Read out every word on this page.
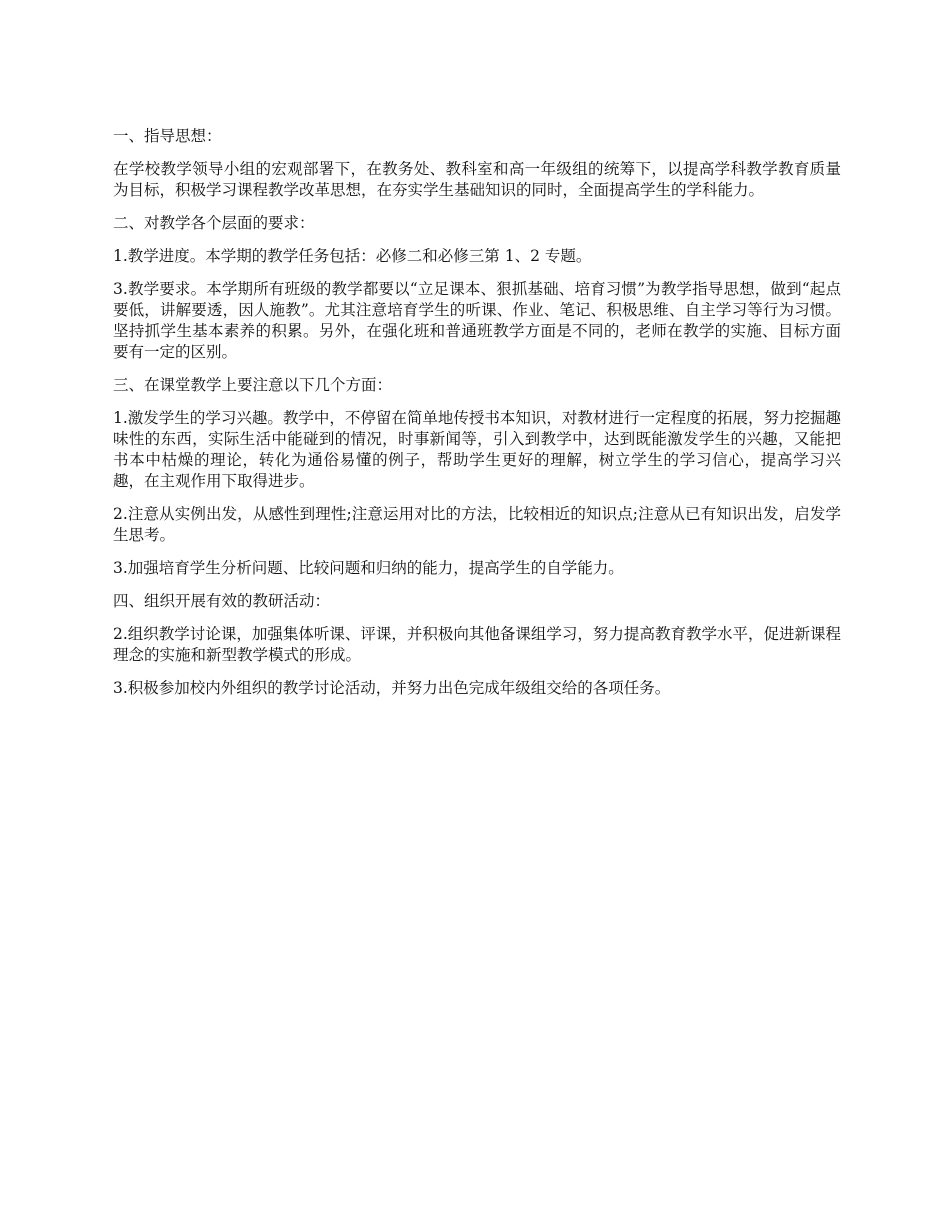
一、指导思想：

在学校教学领导小组的宏观部署下，在教务处、教科室和高一年级组的统筹下，以提高学科教学教育质量为目标，积极学习课程教学改革思想，在夯实学生基础知识的同时，全面提高学生的学科能力。

二、对教学各个层面的要求：

1.教学进度。本学期的教学任务包括：必修二和必修三第 1、2 专题。

3.教学要求。本学期所有班级的教学都要以“立足课本、狠抓基础、培育习惯”为教学指导思想，做到“起点要低，讲解要透，因人施教”。尤其注意培育学生的听课、作业、笔记、积极思维、自主学习等行为习惯。坚持抓学生基本素养的积累。另外，在强化班和普通班教学方面是不同的，老师在教学的实施、目标方面要有一定的区别。

三、在课堂教学上要注意以下几个方面：

1.激发学生的学习兴趣。教学中，不停留在简单地传授书本知识，对教材进行一定程度的拓展，努力挖掘趣味性的东西，实际生活中能碰到的情况，时事新闻等，引入到教学中，达到既能激发学生的兴趣，又能把书本中枯燥的理论，转化为通俗易懂的例子，帮助学生更好的理解，树立学生的学习信心，提高学习兴趣，在主观作用下取得进步。

2.注意从实例出发，从感性到理性;注意运用对比的方法，比较相近的知识点;注意从已有知识出发，启发学生思考。

3.加强培育学生分析问题、比较问题和归纳的能力，提高学生的自学能力。

四、组织开展有效的教研活动：

2.组织教学讨论课，加强集体听课、评课，并积极向其他备课组学习，努力提高教育教学水平，促进新课程理念的实施和新型教学模式的形成。

3.积极参加校内外组织的教学讨论活动，并努力出色完成年级组交给的各项任务。
